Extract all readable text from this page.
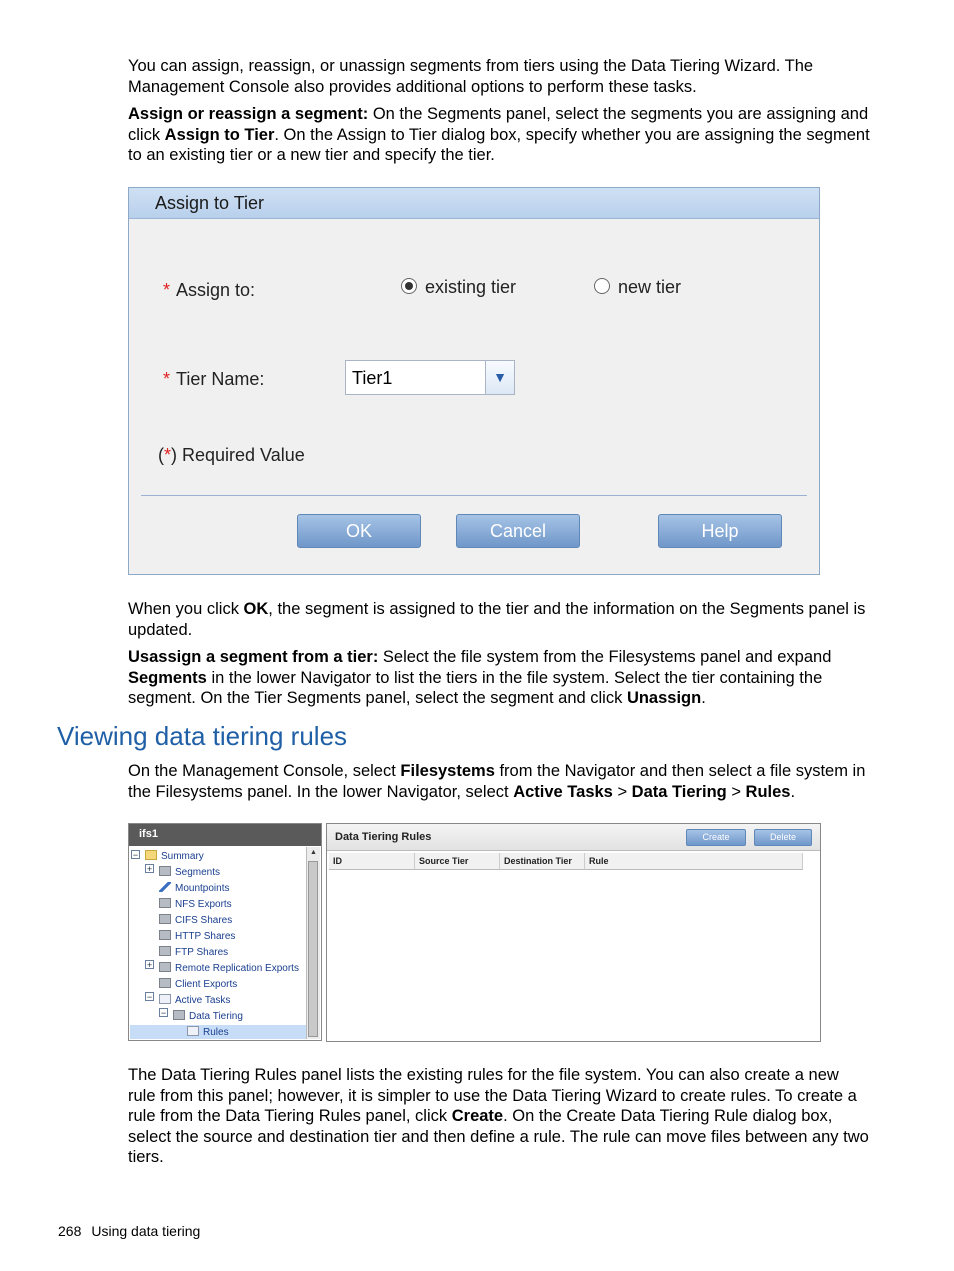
You can assign, reassign, or unassign segments from tiers using the Data Tiering Wizard. The Management Console also provides additional options to perform these tasks.

Assign or reassign a segment: On the Segments panel, select the segments you are assigning and click Assign to Tier. On the Assign to Tier dialog box, specify whether you are assigning the segment to an existing tier or a new tier and specify the tier.

Assign to Tier
* Assign to:	existing tier	new tier
* Tier Name:	Tier1	▼
(*) Required Value
OK	Cancel	Help

When you click OK, the segment is assigned to the tier and the information on the Segments panel is updated.

Usassign a segment from a tier: Select the file system from the Filesystems panel and expand Segments in the lower Navigator to list the tiers in the file system. Select the tier containing the segment. On the Tier Segments panel, select the segment and click Unassign.

Viewing data tiering rules

On the Management Console, select Filesystems from the Navigator and then select a file system in the Filesystems panel. In the lower Navigator, select Active Tasks > Data Tiering > Rules.

ifs1
−	Summary
+	Segments
Mountpoints
NFS Exports
CIFS Shares
HTTP Shares
FTP Shares
+	Remote Replication Exports
Client Exports
−	Active Tasks
−	Data Tiering
Rules
▲
Data Tiering Rules	Create	Delete
ID	Source Tier	Destination Tier	Rule

The Data Tiering Rules panel lists the existing rules for the file system. You can also create a new rule from this panel; however, it is simpler to use the Data Tiering Wizard to create rules. To create a rule from the Data Tiering Rules panel, click Create. On the Create Data Tiering Rule dialog box, select the source and destination tier and then define a rule. The rule can move files between any two tiers.

268 Using data tiering
